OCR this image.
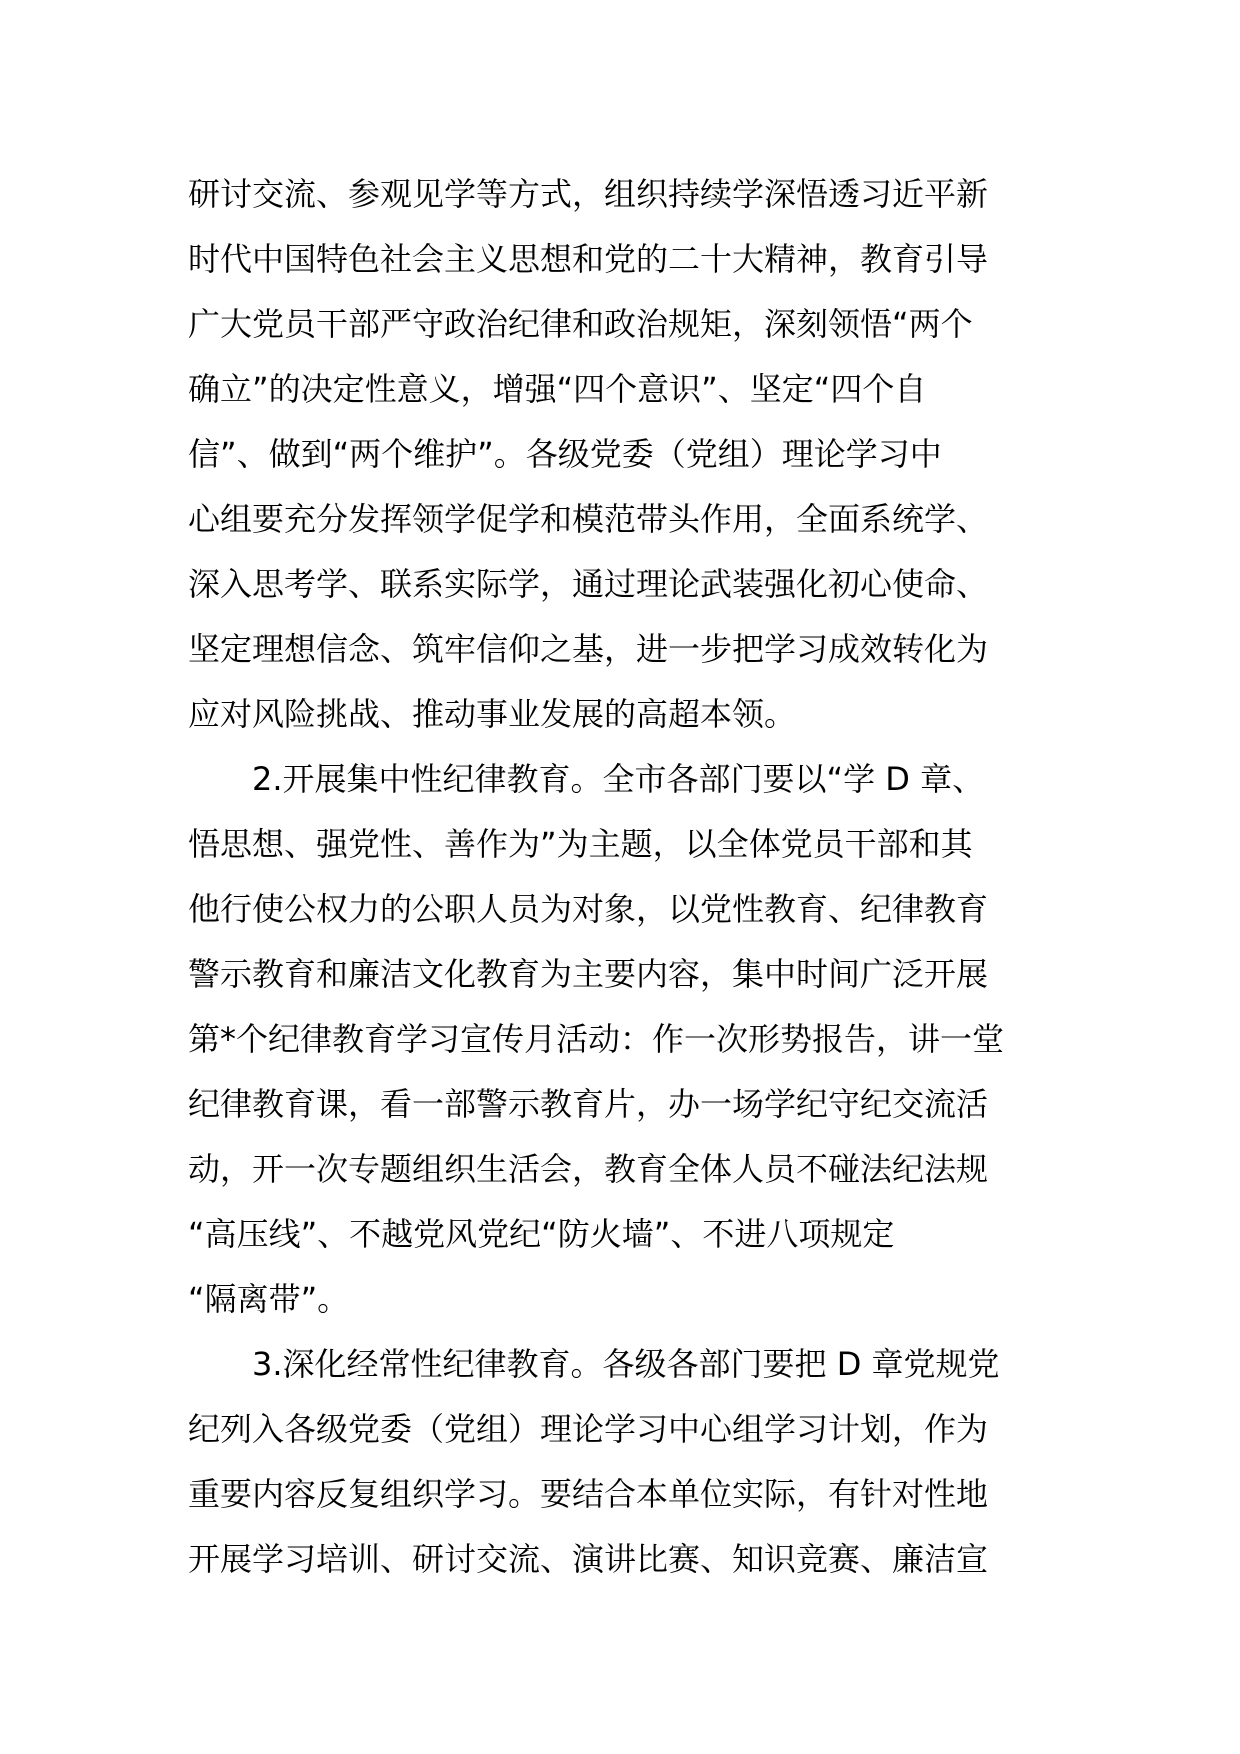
研讨交流、参观见学等方式，组织持续学深悟透习近平新
时代中国特色社会主义思想和党的二十大精神，教育引导
广大党员干部严守政治纪律和政治规矩，深刻领悟“两个
确立”的决定性意义，增强“四个意识”、坚定“四个自
信”、做到“两个维护”。各级党委（党组）理论学习中
心组要充分发挥领学促学和模范带头作用，全面系统学、
深入思考学、联系实际学，通过理论武装强化初心使命、
坚定理想信念、筑牢信仰之基，进一步把学习成效转化为
应对风险挑战、推动事业发展的高超本领。
2.开展集中性纪律教育。全市各部门要以“学 D 章、
悟思想、强党性、善作为”为主题，以全体党员干部和其
他行使公权力的公职人员为对象，以党性教育、纪律教育
警示教育和廉洁文化教育为主要内容，集中时间广泛开展
第*个纪律教育学习宣传月活动：作一次形势报告，讲一堂
纪律教育课，看一部警示教育片，办一场学纪守纪交流活
动，开一次专题组织生活会，教育全体人员不碰法纪法规
“高压线”、不越党风党纪“防火墙”、不进八项规定
“隔离带”。
3.深化经常性纪律教育。各级各部门要把 D 章党规党
纪列入各级党委（党组）理论学习中心组学习计划，作为
重要内容反复组织学习。要结合本单位实际，有针对性地
开展学习培训、研讨交流、演讲比赛、知识竞赛、廉洁宣
